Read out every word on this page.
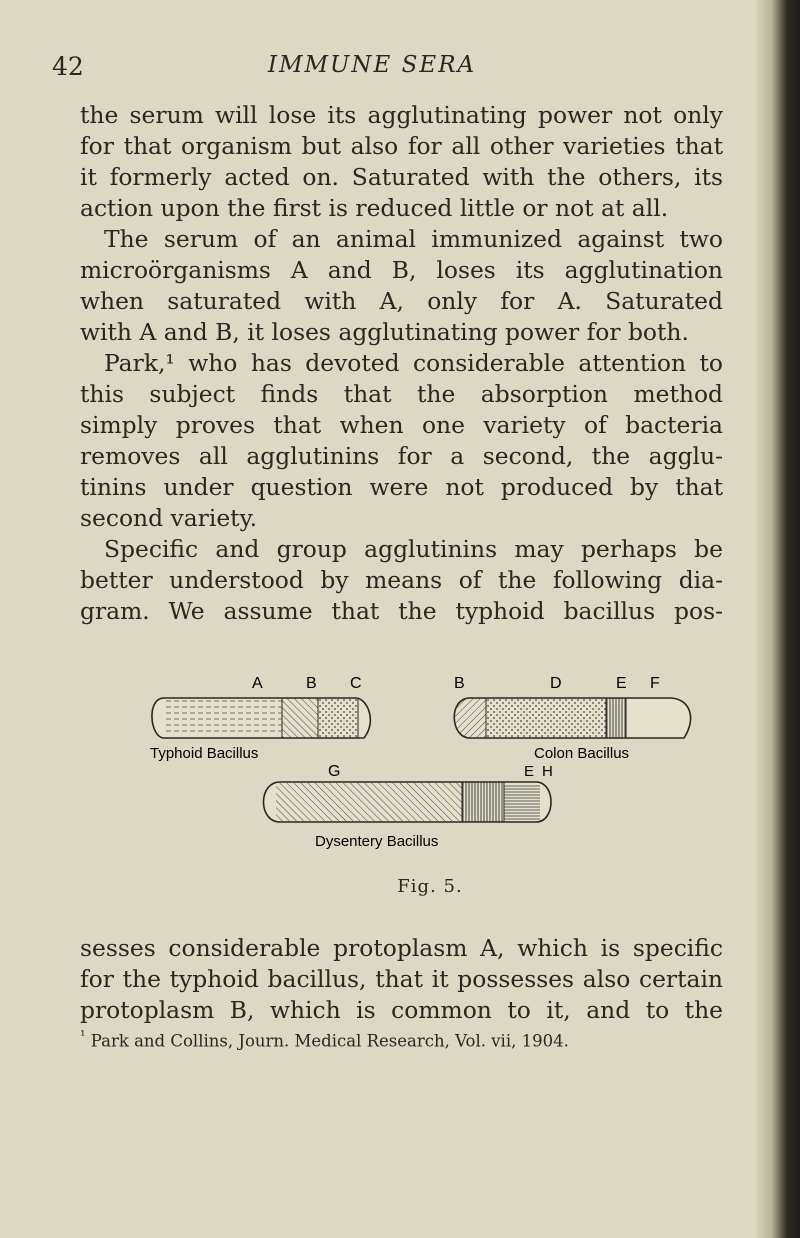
42	IMMUNE SERA

the serum will lose its agglutinating power not only

for that organism but also for all other varieties that

it formerly acted on. Saturated with the others, its

action upon the first is reduced little or not at all.

The serum of an animal immunized against two

microörganisms A and B, loses its agglutination

when saturated with A, only for A. Saturated

with A and B, it loses agglutinating power for both.

Park,¹ who has devoted considerable attention to

this subject finds that the absorption method

simply proves that when one variety of bacteria

removes all agglutinins for a second, the agglu-

tinins under question were not produced by that

second variety.

Specific and group agglutinins may perhaps be

better understood by means of the following dia-

gram. We assume that the typhoid bacillus pos-

A	B C
Typhoid Bacillus
B	D	E F
Colon Bacillus
E H
G
Dysentery Bacillus
Fig. 5.

sesses considerable protoplasm A, which is specific

for the typhoid bacillus, that it possesses also certain

protoplasm B, which is common to it, and to the

$^{^1}$ Park and Collins, Journ. Medical Research, Vol. vii, 1904.
